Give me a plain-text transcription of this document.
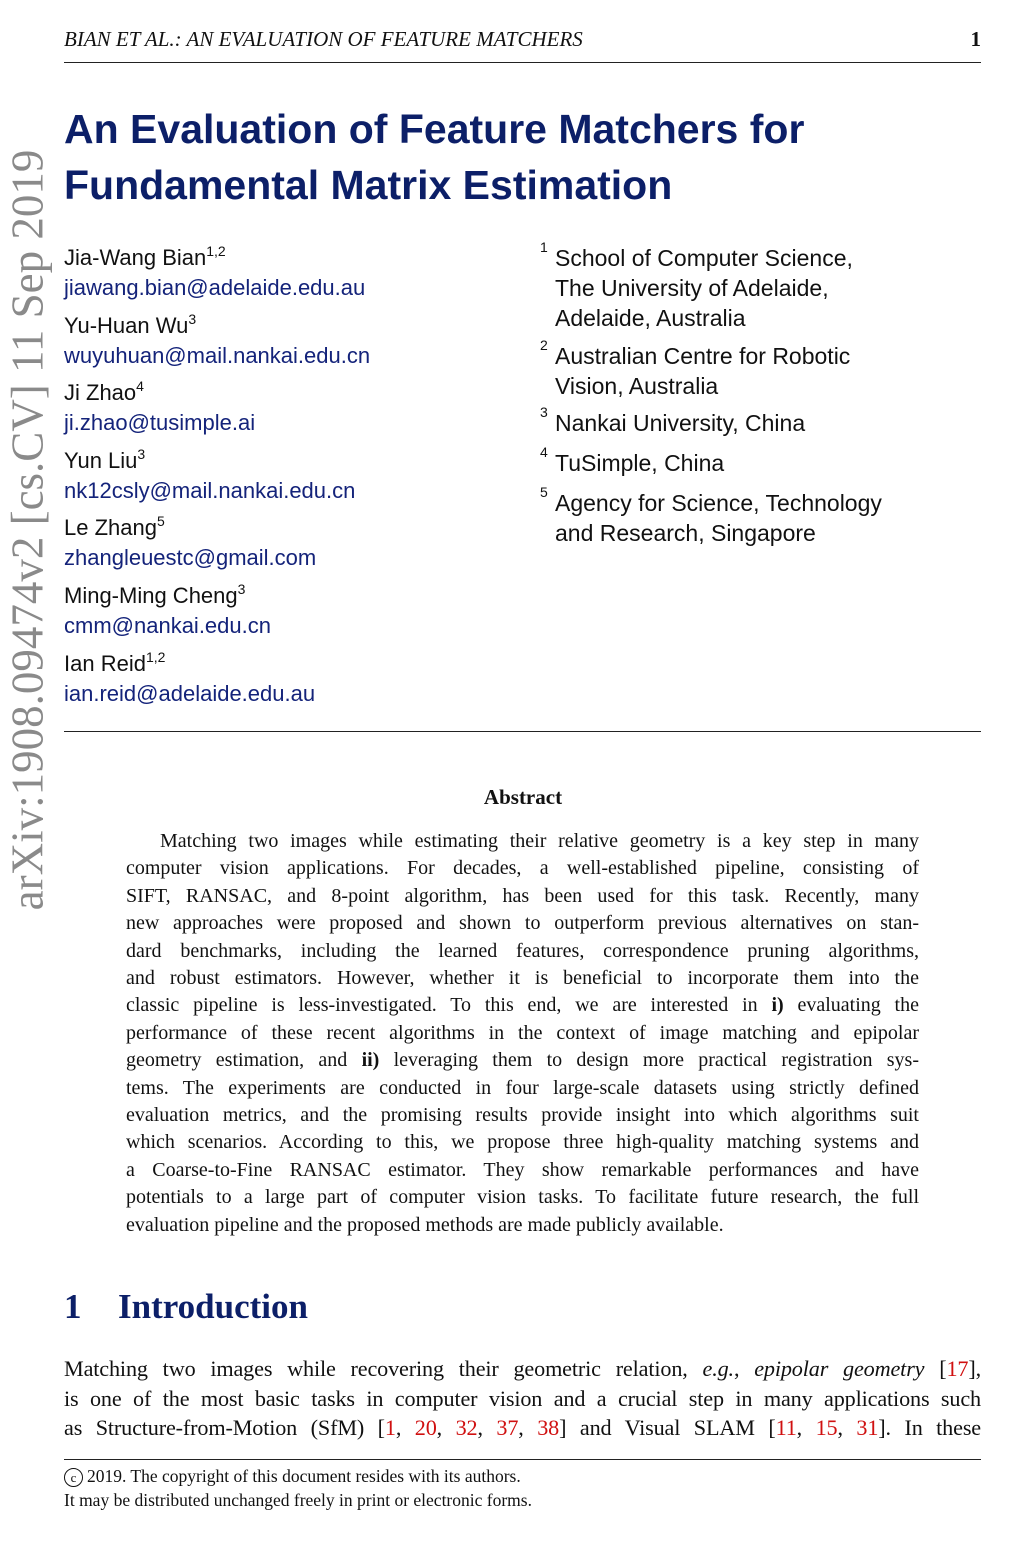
BIAN ET AL.: AN EVALUATION OF FEATURE MATCHERS	1
arXiv:1908.09474v2 [cs.CV] 11 Sep 2019
An Evaluation of Feature Matchers for
Fundamental Matrix Estimation
Jia-Wang Bian$^{1,2}$
jiawang.bian@adelaide.edu.au
Yu-Huan Wu$^3$
wuyuhuan@mail.nankai.edu.cn
Ji Zhao$^4$
ji.zhao@tusimple.ai
Yun Liu$^3$
nk12csly@mail.nankai.edu.cn
Le Zhang$^5$
zhangleuestc@gmail.com
Ming-Ming Cheng$^3$
cmm@nankai.edu.cn
Ian Reid$^{1,2}$
ian.reid@adelaide.edu.au
1 School of Computer Science,
The University of Adelaide,
Adelaide, Australia
2 Australian Centre for Robotic
Vision, Australia
3 Nankai University, China
4 TuSimple, China
5 Agency for Science, Technology
and Research, Singapore
Abstract
Matching two images while estimating their relative geometry is a key step in many
computer vision applications. For decades, a well-established pipeline, consisting of
SIFT, RANSAC, and 8-point algorithm, has been used for this task. Recently, many
new approaches were proposed and shown to outperform previous alternatives on stan-
dard benchmarks, including the learned features, correspondence pruning algorithms,
and robust estimators. However, whether it is beneficial to incorporate them into the
classic pipeline is less-investigated. To this end, we are interested in i) evaluating the
performance of these recent algorithms in the context of image matching and epipolar
geometry estimation, and ii) leveraging them to design more practical registration sys-
tems. The experiments are conducted in four large-scale datasets using strictly defined
evaluation metrics, and the promising results provide insight into which algorithms suit
which scenarios. According to this, we propose three high-quality matching systems and
a Coarse-to-Fine RANSAC estimator. They show remarkable performances and have
potentials to a large part of computer vision tasks. To facilitate future research, the full
evaluation pipeline and the proposed methods are made publicly available.
1 Introduction
Matching two images while recovering their geometric relation, e.g., epipolar geometry [17],
is one of the most basic tasks in computer vision and a crucial step in many applications such
as Structure-from-Motion (SfM) [1, 20, 32, 37, 38] and Visual SLAM [11, 15, 31]. In these
c 2019. The copyright of this document resides with its authors.
It may be distributed unchanged freely in print or electronic forms.
